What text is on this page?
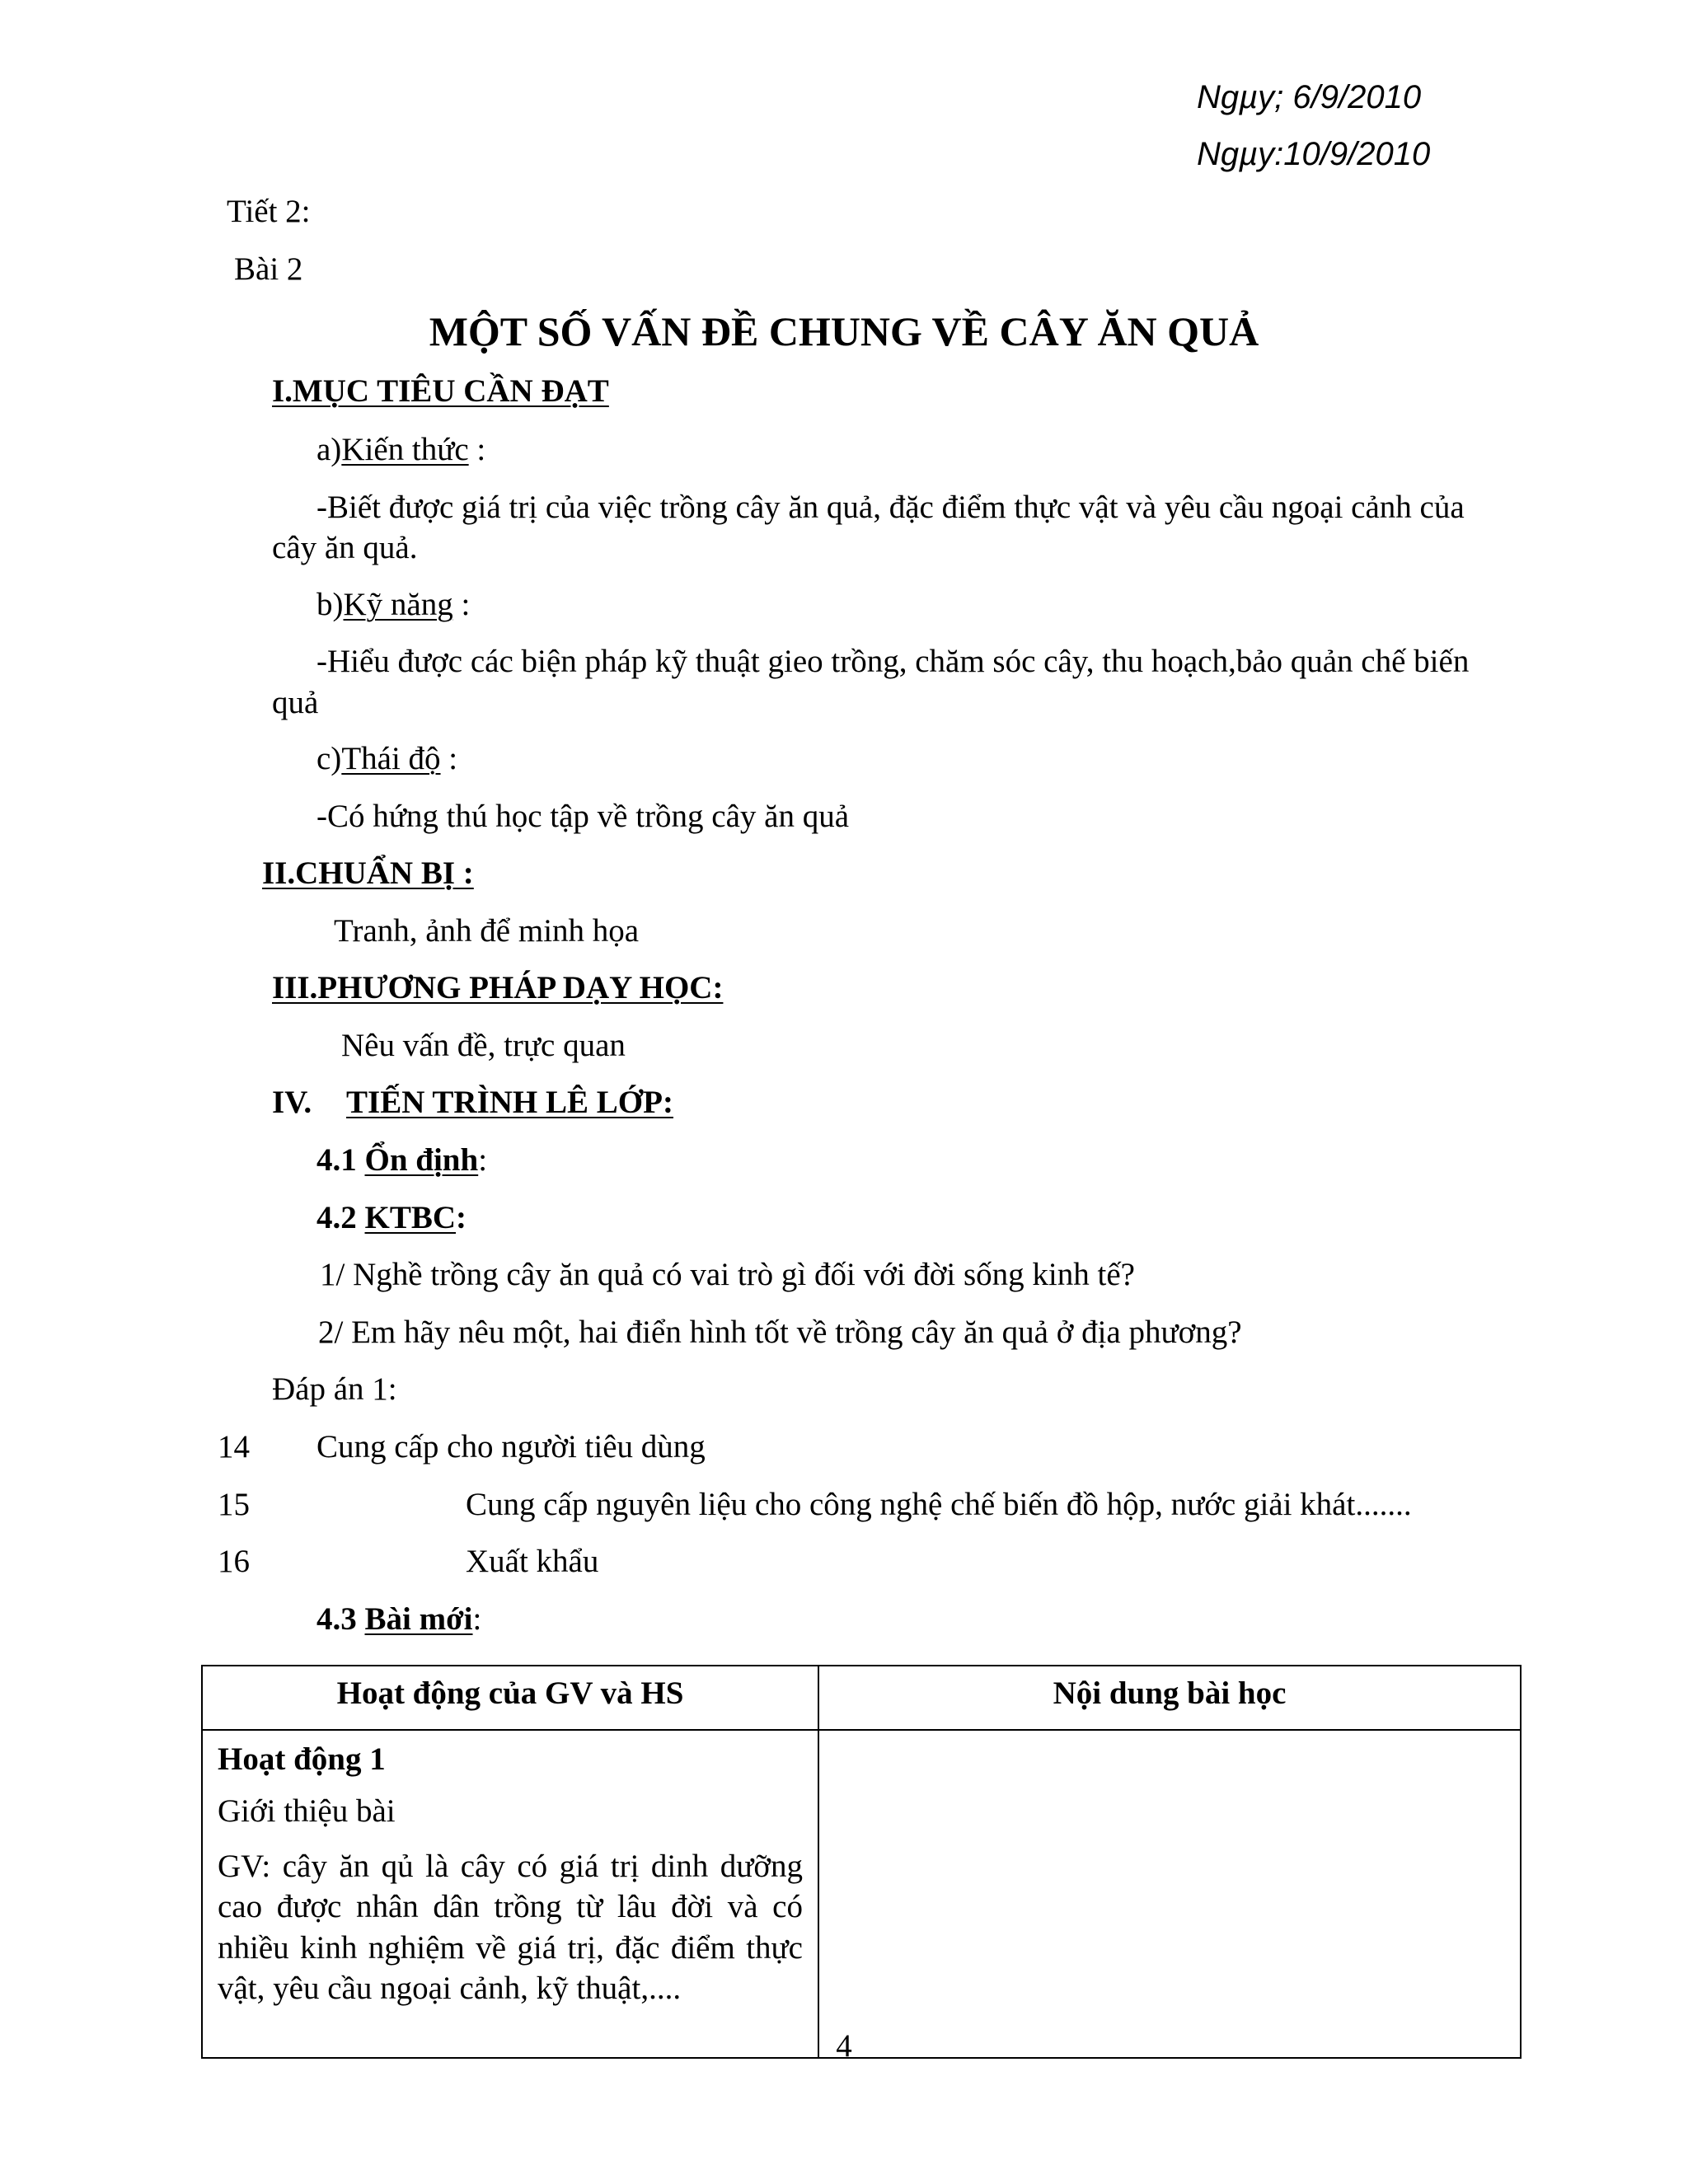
Ngµy; 6/9/2010
Ngµy:10/9/2010
Tiết 2:
Bài 2
MỘT SỐ VẤN ĐỀ CHUNG VỀ CÂY ĂN QUẢ
I.MỤC TIÊU CẦN ĐẠT
a)Kiến thức :
-Biết được giá trị của việc trồng cây ăn quả, đặc điểm thực vật và yêu cầu ngoại cảnh của
cây ăn quả.
b)Kỹ năng :
-Hiểu được các biện pháp kỹ thuật gieo trồng, chăm sóc cây, thu hoạch,bảo quản chế biến
quả
c)Thái độ :
-Có hứng thú học tập về trồng cây ăn quả
II.CHUẨN BỊ :
Tranh, ảnh để minh họa
III.PHƯƠNG PHÁP DẠY HỌC:
Nêu vấn đề, trực quan
IV. TIẾN TRÌNH LÊ LỚP:
4.1 Ổn định:
4.2 KTBC:
1/ Nghề trồng cây ăn quả có vai trò gì đối với đời sống kinh tế?
2/ Em hãy nêu một, hai điển hình tốt về trồng cây ăn quả ở địa phương?
Đáp án 1:
14 Cung cấp cho người tiêu dùng
15	Cung cấp nguyên liệu cho công nghệ chế biến đồ hộp, nước giải khát.......
16	Xuất khẩu
4.3 Bài mới:
Hoạt động của GV và HS	Nội dung bài học

Hoạt động 1
Giới thiệu bài

GV: cây ăn qủ là cây có giá trị dinh dưỡng cao được nhân dân trồng từ lâu đời và có nhiều kinh nghiệm về giá trị, đặc điểm thực vật, yêu cầu ngoại cảnh, kỹ thuật,....	

4
